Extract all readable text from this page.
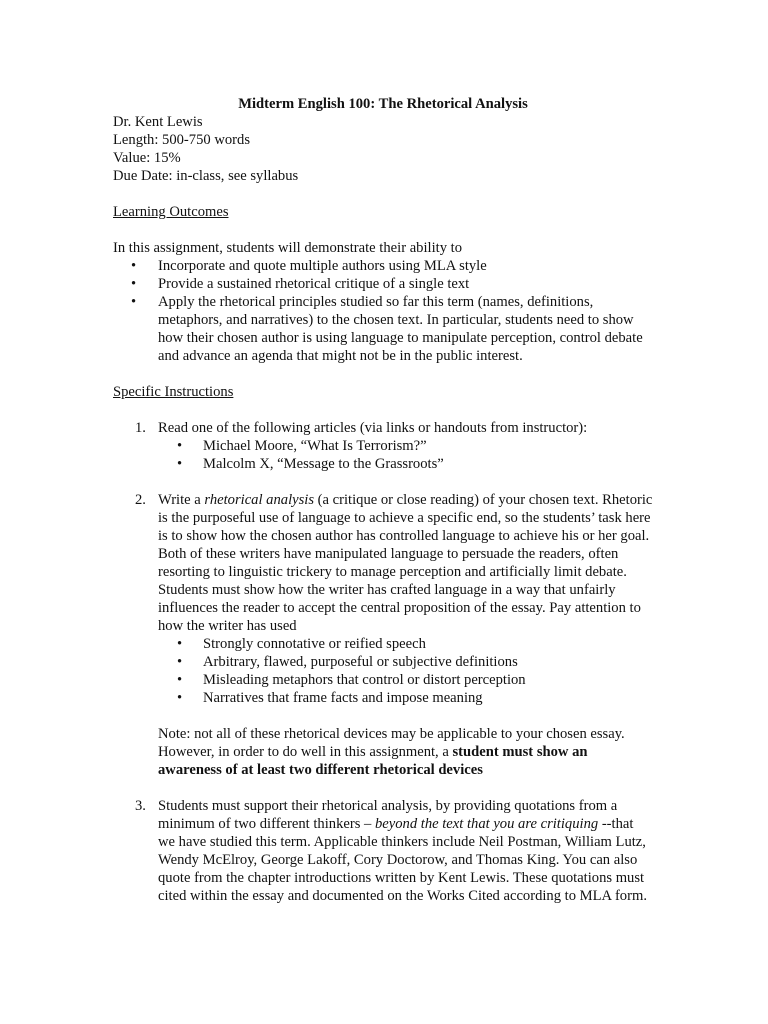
Midterm English 100: The Rhetorical Analysis

Dr. Kent Lewis

Length: 500-750 words

Value: 15%

Due Date: in-class, see syllabus

Learning Outcomes

In this assignment, students will demonstrate their ability to

• Incorporate and quote multiple authors using MLA style
• Provide a sustained rhetorical critique of a single text
• Apply the rhetorical principles studied so far this term (names, definitions, metaphors, and narratives) to the chosen text. In particular, students need to show how their chosen author is using language to manipulate perception, control debate and advance an agenda that might not be in the public interest.

Specific Instructions

1. Read one of the following articles (via links or handouts from instructor):

• Michael Moore, “What Is Terrorism?”
• Malcolm X, “Message to the Grassroots”
2. Write a rhetorical analysis (a critique or close reading) of your chosen text. Rhetoric is the purposeful use of language to achieve a specific end, so the students’ task here is to show how the chosen author has controlled language to achieve his or her goal. Both of these writers have manipulated language to persuade the readers, often resorting to linguistic trickery to manage perception and artificially limit debate. Students must show how the writer has crafted language in a way that unfairly influences the reader to accept the central proposition of the essay. Pay attention to how the writer has used

• Strongly connotative or reified speech
• Arbitrary, flawed, purposeful or subjective definitions
• Misleading metaphors that control or distort perception
• Narratives that frame facts and impose meaning

Note: not all of these rhetorical devices may be applicable to your chosen essay. However, in order to do well in this assignment, a student must show an awareness of at least two different rhetorical devices

3. Students must support their rhetorical analysis, by providing quotations from a minimum of two different thinkers – beyond the text that you are critiquing --that we have studied this term. Applicable thinkers include Neil Postman, William Lutz, Wendy McElroy, George Lakoff, Cory Doctorow, and Thomas King. You can also quote from the chapter introductions written by Kent Lewis. These quotations must cited within the essay and documented on the Works Cited according to MLA form.
